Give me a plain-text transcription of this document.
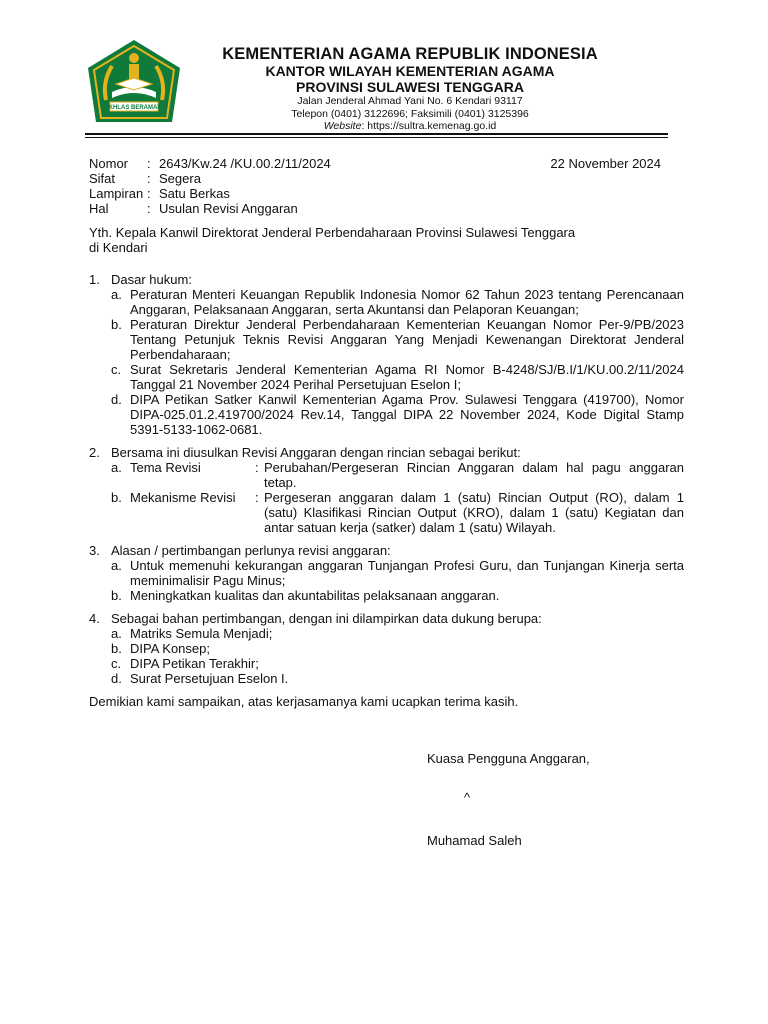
IKHLAS BERAMAL
KEMENTERIAN AGAMA REPUBLIK INDONESIA
KANTOR WILAYAH KEMENTERIAN AGAMA
PROVINSI SULAWESI TENGGARA
Jalan Jenderal Ahmad Yani No. 6 Kendari 93117
Telepon (0401) 3122696; Faksimili (0401) 3125396
Website: https://sultra.kemenag.go.id
Nomor	: 2643/Kw.24 /KU.00.2/11/2024
Sifat	: Segera
Lampiran : Satu Berkas
Hal	: Usulan Revisi Anggaran
22 November 2024
Yth. Kepala Kanwil Direktorat Jenderal Perbendaharaan Provinsi Sulawesi Tenggara
di Kendari
1. Dasar hukum:
a. Peraturan Menteri Keuangan Republik Indonesia Nomor 62 Tahun 2023 tentang Perencanaan Anggaran, Pelaksanaan Anggaran, serta Akuntansi dan Pelaporan Keuangan;
b. Peraturan Direktur Jenderal Perbendaharaan Kementerian Keuangan Nomor Per-9/PB/2023 Tentang Petunjuk Teknis Revisi Anggaran Yang Menjadi Kewenangan Direktorat Jenderal Perbendaharaan;
c. Surat Sekretaris Jenderal Kementerian Agama RI Nomor B-4248/SJ/B.I/1/KU.00.2/11/2024 Tanggal 21 November 2024 Perihal Persetujuan Eselon I;
d. DIPA Petikan Satker Kanwil Kementerian Agama Prov. Sulawesi Tenggara (419700), Nomor DIPA-025.01.2.419700/2024 Rev.14, Tanggal DIPA 22 November 2024, Kode Digital Stamp 5391-5133-1062-0681.
2. Bersama ini diusulkan Revisi Anggaran dengan rincian sebagai berikut:
a. Tema Revisi	: Perubahan/Pergeseran Rincian Anggaran dalam hal pagu anggaran tetap.
b. Mekanisme Revisi	: Pergeseran anggaran dalam 1 (satu) Rincian Output (RO), dalam 1 (satu) Klasifikasi Rincian Output (KRO), dalam 1 (satu) Kegiatan dan antar satuan kerja (satker) dalam 1 (satu) Wilayah.
3. Alasan / pertimbangan perlunya revisi anggaran:
a. Untuk memenuhi kekurangan anggaran Tunjangan Profesi Guru, dan Tunjangan Kinerja serta meminimalisir Pagu Minus;
b. Meningkatkan kualitas dan akuntabilitas pelaksanaan anggaran.
4. Sebagai bahan pertimbangan, dengan ini dilampirkan data dukung berupa:
a. Matriks Semula Menjadi;
b. DIPA Konsep;
c. DIPA Petikan Terakhir;
d. Surat Persetujuan Eselon I.
Demikian kami sampaikan, atas kerjasamanya kami ucapkan terima kasih.
Kuasa Pengguna Anggaran,
^
Muhamad Saleh
